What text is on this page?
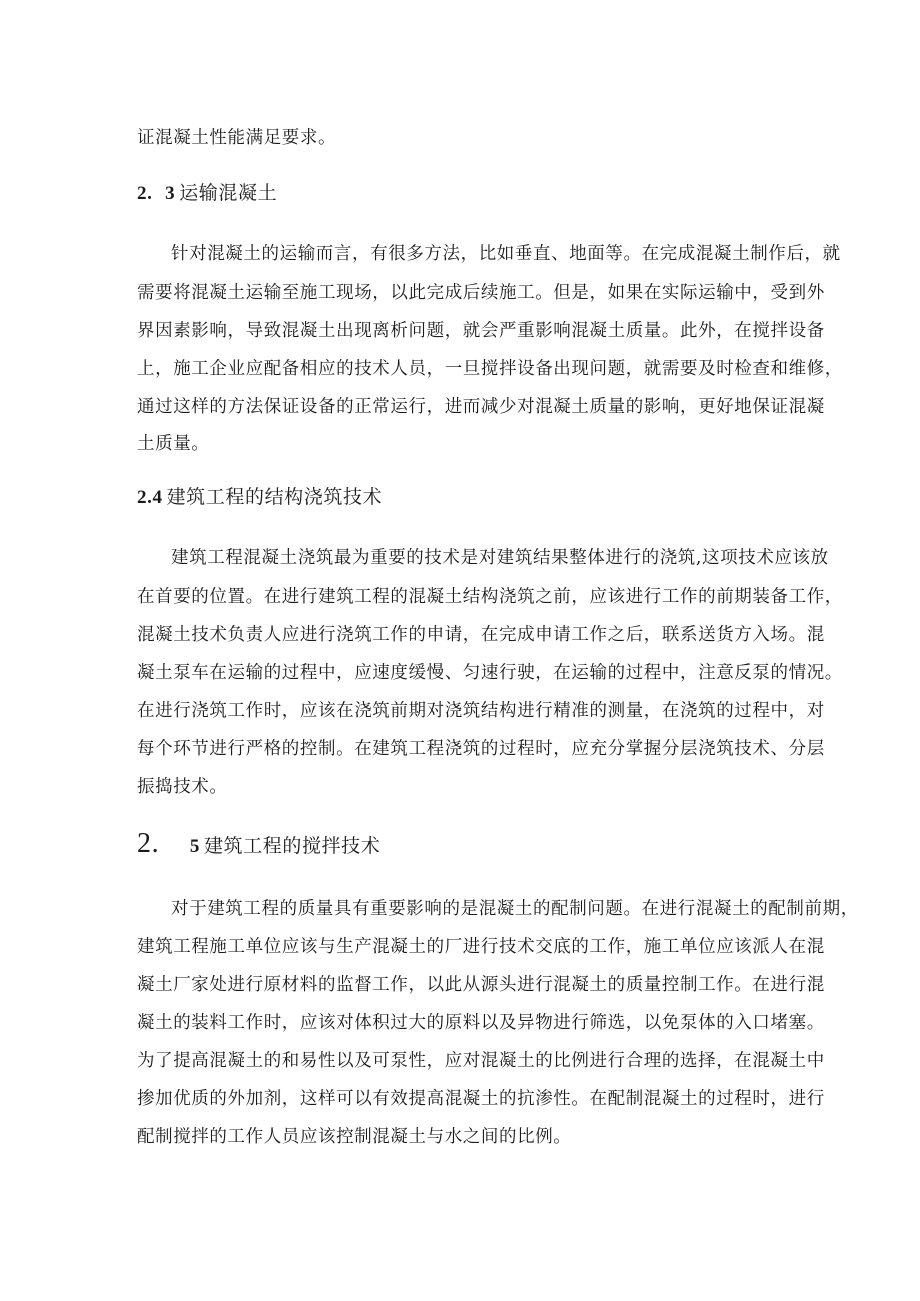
证混凝土性能满足要求。

2. 3 运输混凝土

针对混凝土的运输而言，有很多方法，比如垂直、地面等。在完成混凝土制作后，就

需要将混凝土运输至施工现场，以此完成后续施工。但是，如果在实际运输中，受到外

界因素影响，导致混凝土出现离析问题，就会严重影响混凝土质量。此外，在搅拌设备

上，施工企业应配备相应的技术人员，一旦搅拌设备出现问题，就需要及时检查和维修，

通过这样的方法保证设备的正常运行，进而减少对混凝土质量的影响，更好地保证混凝

土质量。

2.4 建筑工程的结构浇筑技术

建筑工程混凝土浇筑最为重要的技术是对建筑结果整体进行的浇筑,这项技术应该放

在首要的位置。在进行建筑工程的混凝土结构浇筑之前，应该进行工作的前期装备工作，

混凝土技术负责人应进行浇筑工作的申请，在完成申请工作之后，联系送货方入场。混

凝土泵车在运输的过程中，应速度缓慢、匀速行驶，在运输的过程中，注意反泵的情况。

在进行浇筑工作时，应该在浇筑前期对浇筑结构进行精准的测量，在浇筑的过程中，对

每个环节进行严格的控制。在建筑工程浇筑的过程时，应充分掌握分层浇筑技术、分层

振捣技术。

2. 5 建筑工程的搅拌技术

对于建筑工程的质量具有重要影响的是混凝土的配制问题。在进行混凝土的配制前期，

建筑工程施工单位应该与生产混凝土的厂进行技术交底的工作，施工单位应该派人在混

凝土厂家处进行原材料的监督工作，以此从源头进行混凝土的质量控制工作。在进行混

凝土的装料工作时，应该对体积过大的原料以及异物进行筛选，以免泵体的入口堵塞。

为了提高混凝土的和易性以及可泵性，应对混凝土的比例进行合理的选择，在混凝土中

掺加优质的外加剂，这样可以有效提高混凝土的抗渗性。在配制混凝土的过程时，进行

配制搅拌的工作人员应该控制混凝土与水之间的比例。
